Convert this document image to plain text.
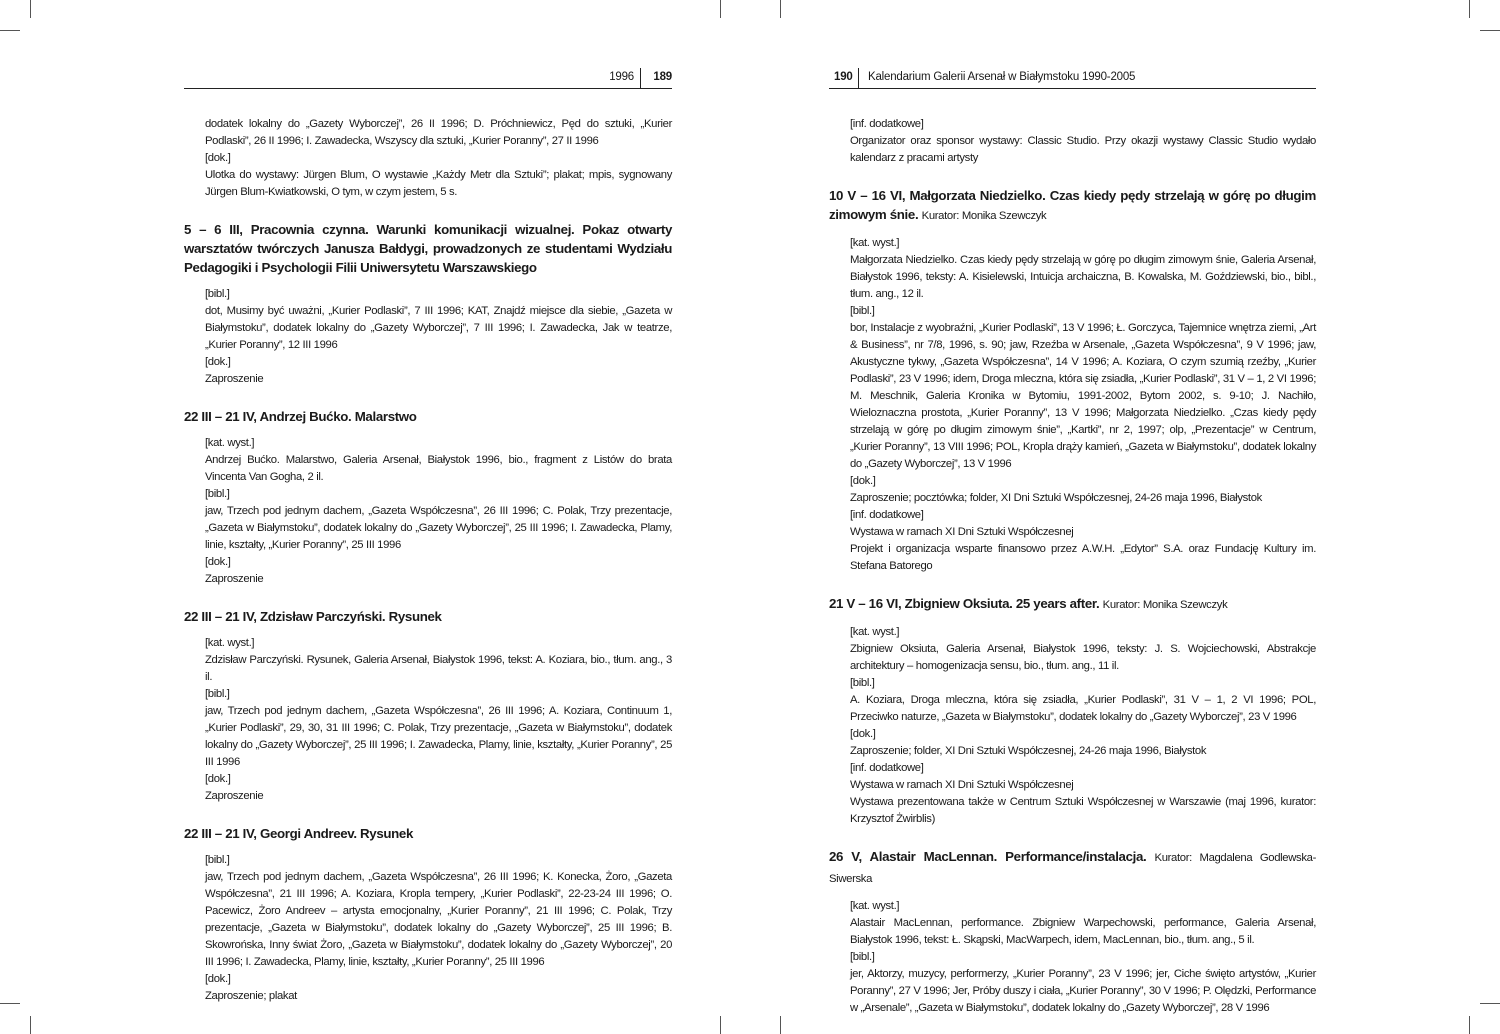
1996	189
dodatek lokalny do „Gazety Wyborczej”, 26 II 1996; D. Próchniewicz, Pęd do sztuki, „Kurier Podlaski”, 26 II 1996; I. Zawadecka, Wszyscy dla sztuki, „Kurier Poranny”, 27 II 1996
[dok.]
Ulotka do wystawy: Jürgen Blum, O wystawie „Każdy Metr dla Sztuki”; plakat; mpis, sygnowany Jürgen Blum-Kwiatkowski, O tym, w czym jestem, 5 s.
5 – 6 III, Pracownia czynna. Warunki komunikacji wizualnej. Pokaz otwarty warsztatów twórczych Janusza Bałdygi, prowadzonych ze studentami Wydziału Pedagogiki i Psychologii Filii Uniwersytetu Warszawskiego
[bibl.]
dot, Musimy być uważni, „Kurier Podlaski”, 7 III 1996; KAT, Znajdź miejsce dla siebie, „Gazeta w Białymstoku”, dodatek lokalny do „Gazety Wyborczej”, 7 III 1996; I. Zawadecka, Jak w teatrze, „Kurier Poranny”, 12 III 1996
[dok.]
Zaproszenie
22 III – 21 IV, Andrzej Bućko. Malarstwo
[kat. wyst.]
Andrzej Bućko. Malarstwo, Galeria Arsenał, Białystok 1996, bio., fragment z Listów do brata Vincenta Van Gogha, 2 il.
[bibl.]
jaw, Trzech pod jednym dachem, „Gazeta Współczesna”, 26 III 1996; C. Polak, Trzy prezentacje, „Gazeta w Białymstoku”, dodatek lokalny do „Gazety Wyborczej”, 25 III 1996; I. Zawadecka, Plamy, linie, kształty, „Kurier Poranny”, 25 III 1996
[dok.]
Zaproszenie
22 III – 21 IV, Zdzisław Parczyński. Rysunek
[kat. wyst.]
Zdzisław Parczyński. Rysunek, Galeria Arsenał, Białystok 1996, tekst: A. Koziara, bio., tłum. ang., 3 il.
[bibl.]
jaw, Trzech pod jednym dachem, „Gazeta Współczesna”, 26 III 1996; A. Koziara, Continuum 1, „Kurier Podlaski”, 29, 30, 31 III 1996; C. Polak, Trzy prezentacje, „Gazeta w Białymstoku”, dodatek lokalny do „Gazety Wyborczej”, 25 III 1996; I. Zawadecka, Plamy, linie, kształty, „Kurier Poranny”, 25 III 1996
[dok.]
Zaproszenie
22 III – 21 IV, Georgi Andreev. Rysunek
[bibl.]
jaw, Trzech pod jednym dachem, „Gazeta Współczesna”, 26 III 1996; K. Konecka, Żoro, „Gazeta Współczesna”, 21 III 1996; A. Koziara, Kropla tempery, „Kurier Podlaski”, 22-23-24 III 1996; O. Pacewicz, Żoro Andreev – artysta emocjonalny, „Kurier Poranny”, 21 III 1996; C. Polak, Trzy prezentacje, „Gazeta w Białymstoku”, dodatek lokalny do „Gazety Wyborczej”, 25 III 1996; B. Skowrońska, Inny świat Żoro, „Gazeta w Białymstoku”, dodatek lokalny do „Gazety Wyborczej”, 20 III 1996; I. Zawadecka, Plamy, linie, kształty, „Kurier Poranny”, 25 III 1996
[dok.]
Zaproszenie; plakat
190 Kalendarium Galerii Arsenał w Białymstoku 1990-2005
[inf. dodatkowe]
Organizator oraz sponsor wystawy: Classic Studio. Przy okazji wystawy Classic Studio wydało kalendarz z pracami artysty
10 V – 16 VI, Małgorzata Niedzielko. Czas kiedy pędy strzelają w górę po długim zimowym śnie. Kurator: Monika Szewczyk
[kat. wyst.]
Małgorzata Niedzielko. Czas kiedy pędy strzelają w górę po długim zimowym śnie, Galeria Arsenał, Białystok 1996, teksty: A. Kisielewski, Intuicja archaiczna, B. Kowalska, M. Goździewski, bio., bibl., tłum. ang., 12 il.
[bibl.]
bor, Instalacje z wyobraźni, „Kurier Podlaski”, 13 V 1996; Ł. Gorczyca, Tajemnice wnętrza ziemi, „Art & Business”, nr 7/8, 1996, s. 90; jaw, Rzeźba w Arsenale, „Gazeta Współczesna”, 9 V 1996; jaw, Akustyczne tykwy, „Gazeta Współczesna”, 14 V 1996; A. Koziara, O czym szumią rzeźby, „Kurier Podlaski”, 23 V 1996; idem, Droga mleczna, która się zsiadła, „Kurier Podlaski”, 31 V – 1, 2 VI 1996; M. Meschnik, Galeria Kronika w Bytomiu, 1991-2002, Bytom 2002, s. 9-10; J. Nachiło, Wieloznaczna prostota, „Kurier Poranny”, 13 V 1996; Małgorzata Niedzielko. „Czas kiedy pędy strzelają w górę po długim zimowym śnie”, „Kartki”, nr 2, 1997; olp, „Prezentacje” w Centrum, „Kurier Poranny”, 13 VIII 1996; POL, Kropla drąży kamień, „Gazeta w Białymstoku”, dodatek lokalny do „Gazety Wyborczej”, 13 V 1996
[dok.]
Zaproszenie; pocztówka; folder, XI Dni Sztuki Współczesnej, 24-26 maja 1996, Białystok
[inf. dodatkowe]
Wystawa w ramach XI Dni Sztuki Współczesnej
Projekt i organizacja wsparte finansowo przez A.W.H. „Edytor” S.A. oraz Fundację Kultury im. Stefana Batorego
21 V – 16 VI, Zbigniew Oksiuta. 25 years after. Kurator: Monika Szewczyk
[kat. wyst.]
Zbigniew Oksiuta, Galeria Arsenał, Białystok 1996, teksty: J. S. Wojciechowski, Abstrakcje architektury – homogenizacja sensu, bio., tłum. ang., 11 il.
[bibl.]
A. Koziara, Droga mleczna, która się zsiadła, „Kurier Podlaski”, 31 V – 1, 2 VI 1996; POL, Przeciwko naturze, „Gazeta w Białymstoku”, dodatek lokalny do „Gazety Wyborczej”, 23 V 1996
[dok.]
Zaproszenie; folder, XI Dni Sztuki Współczesnej, 24-26 maja 1996, Białystok
[inf. dodatkowe]
Wystawa w ramach XI Dni Sztuki Współczesnej
Wystawa prezentowana także w Centrum Sztuki Współczesnej w Warszawie (maj 1996, kurator: Krzysztof Żwirblis)
26 V, Alastair MacLennan. Performance/instalacja. Kurator: Magdalena Godlewska-Siwerska
[kat. wyst.]
Alastair MacLennan, performance. Zbigniew Warpechowski, performance, Galeria Arsenał, Białystok 1996, tekst: Ł. Skąpski, MacWarpech, idem, MacLennan, bio., tłum. ang., 5 il.
[bibl.]
jer, Aktorzy, muzycy, performerzy, „Kurier Poranny”, 23 V 1996; jer, Ciche święto artystów, „Kurier Poranny”, 27 V 1996; Jer, Próby duszy i ciała, „Kurier Poranny”, 30 V 1996; P. Olędzki, Performance w „Arsenale”, „Gazeta w Białymstoku”, dodatek lokalny do „Gazety Wyborczej”, 28 V 1996
